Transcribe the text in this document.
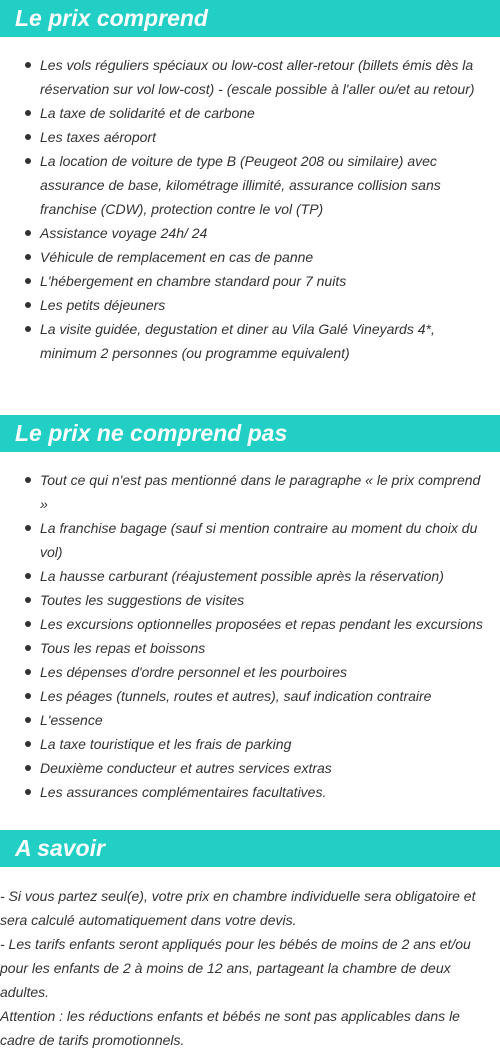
Le prix comprend
Les vols réguliers spéciaux ou low-cost aller-retour (billets émis dès la réservation sur vol low-cost) - (escale possible à l'aller ou/et au retour)
La taxe de solidarité et de carbone
Les taxes aéroport
La location de voiture de type B (Peugeot 208 ou similaire) avec assurance de base, kilométrage illimité, assurance collision sans franchise (CDW), protection contre le vol (TP)
Assistance voyage 24h/ 24
Véhicule de remplacement en cas de panne
L'hébergement en chambre standard pour 7 nuits
Les petits déjeuners
La visite guidée, degustation et diner au Vila Galé Vineyards 4*, minimum 2 personnes (ou programme equivalent)
Le prix ne comprend pas
Tout ce qui n'est pas mentionné dans le paragraphe « le prix comprend »
La franchise bagage (sauf si mention contraire au moment du choix du vol)
La hausse carburant (réajustement possible après la réservation)
Toutes les suggestions de visites
Les excursions optionnelles proposées et repas pendant les excursions
Tous les repas et boissons
Les dépenses d'ordre personnel et les pourboires
Les péages (tunnels, routes et autres), sauf indication contraire
L'essence
La taxe touristique et les frais de parking
Deuxième conducteur et autres services extras
Les assurances complémentaires facultatives.
A savoir

- Si vous partez seul(e), votre prix en chambre individuelle sera obligatoire et sera calculé automatiquement dans votre devis.

- Les tarifs enfants seront appliqués pour les bébés de moins de 2 ans et/ou pour les enfants de 2 à moins de 12 ans, partageant la chambre de deux adultes.

Attention : les réductions enfants et bébés ne sont pas applicables dans le cadre de tarifs promotionnels.
